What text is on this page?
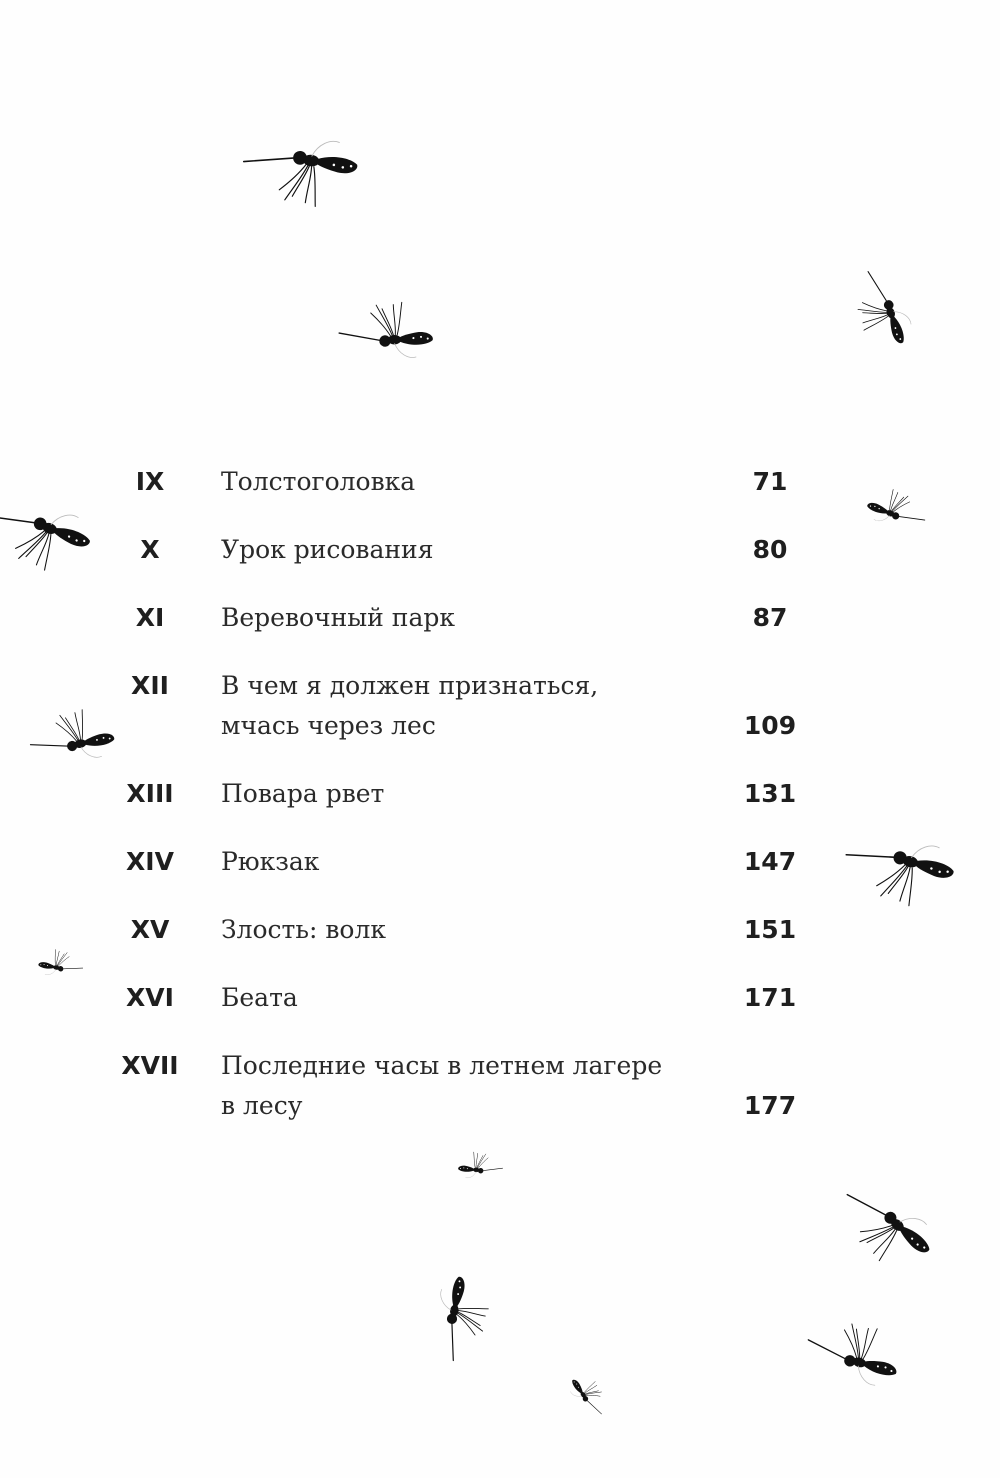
IX	Толстоголовка	71
X	Урок рисования	80
XI	Веревочный парк	87
XII	В чем я должен признаться,
мчась через лес	109
XIII	Повара рвет	131
XIV	Рюкзак	147
XV	Злость: волк	151
XVI	Беата	171
XVII	Последние часы в летнем лагере
в лесу	177
